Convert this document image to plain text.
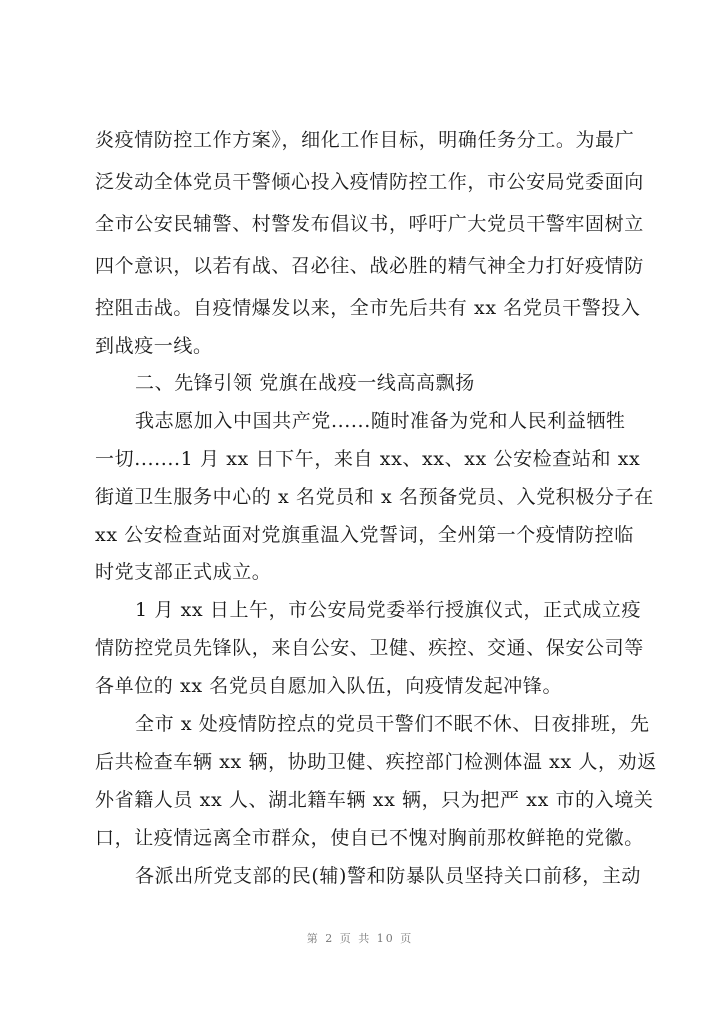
炎疫情防控工作方案》，细化工作目标，明确任务分工。为最广
泛发动全体党员干警倾心投入疫情防控工作，市公安局党委面向
全市公安民辅警、村警发布倡议书，呼吁广大党员干警牢固树立
四个意识，以若有战、召必往、战必胜的精气神全力打好疫情防
控阻击战。自疫情爆发以来，全市先后共有 xx 名党员干警投入
到战疫一线。
二、先锋引领 党旗在战疫一线高高飘扬
我志愿加入中国共产党......随时准备为党和人民利益牺牲
一切.......1 月 xx 日下午，来自 xx、xx、xx 公安检查站和 xx
街道卫生服务中心的 x 名党员和 x 名预备党员、入党积极分子在
xx 公安检查站面对党旗重温入党誓词，全州第一个疫情防控临
时党支部正式成立。
1 月 xx 日上午，市公安局党委举行授旗仪式，正式成立疫
情防控党员先锋队，来自公安、卫健、疾控、交通、保安公司等
各单位的 xx 名党员自愿加入队伍，向疫情发起冲锋。
全市 x 处疫情防控点的党员干警们不眠不休、日夜排班，先
后共检查车辆 xx 辆，协助卫健、疾控部门检测体温 xx 人，劝返
外省籍人员 xx 人、湖北籍车辆 xx 辆，只为把严 xx 市的入境关
口，让疫情远离全市群众，使自已不愧对胸前那枚鲜艳的党徽。
各派出所党支部的民(辅)警和防暴队员坚持关口前移，主动
第 2 页 共 10 页
